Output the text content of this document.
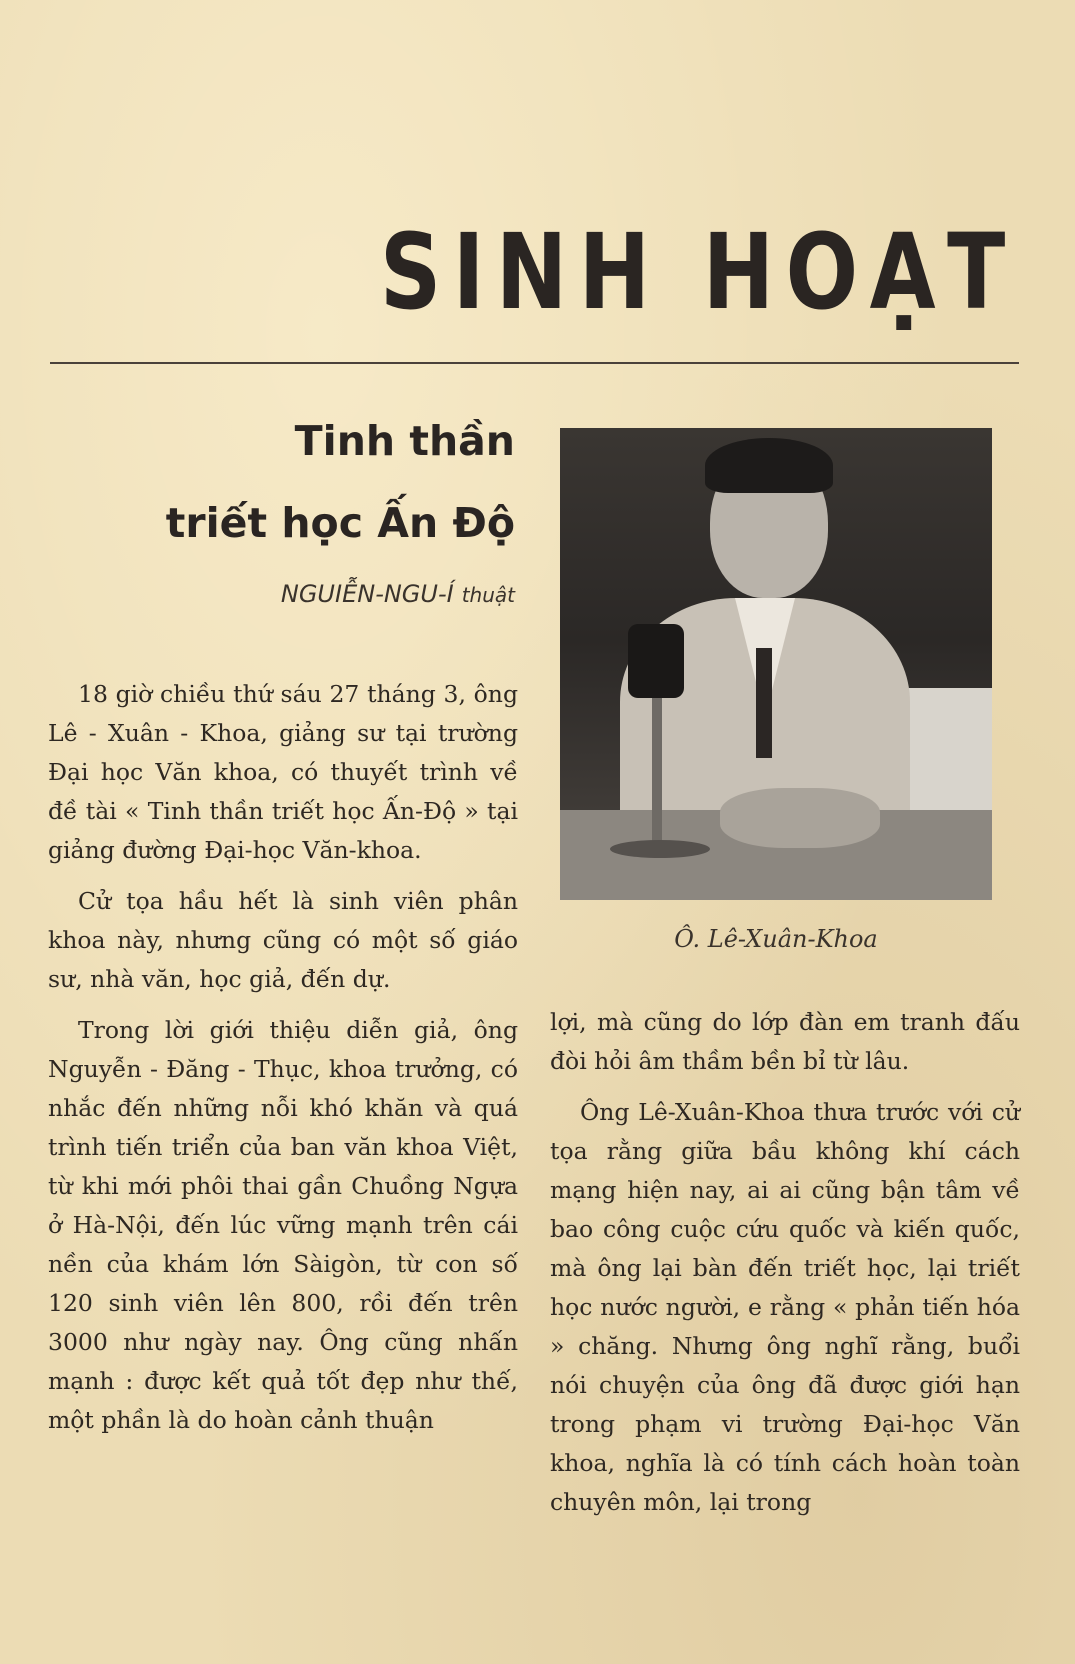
SINH HOẠT
Tinh thần
triết học Ấn Độ
NGUIỄN-NGU-Í thuật
Ô. Lê-Xuân-Khoa

18 giờ chiều thứ sáu 27 tháng 3, ông Lê - Xuân - Khoa, giảng sư tại trường Đại học Văn khoa, có thuyết trình về đề tài « Tinh thần triết học Ấn-Độ » tại giảng đường Đại-học Văn-khoa.

Cử tọa hầu hết là sinh viên phân khoa này, nhưng cũng có một số giáo sư, nhà văn, học giả, đến dự.

Trong lời giới thiệu diễn giả, ông Nguyễn - Đăng - Thục, khoa trưởng, có nhắc đến những nỗi khó khăn và quá trình tiến triển của ban văn khoa Việt, từ khi mới phôi thai gần Chuồng Ngựa ở Hà-Nội, đến lúc vững mạnh trên cái nền của khám lớn Sàigòn, từ con số 120 sinh viên lên 800, rồi đến trên 3000 như ngày nay. Ông cũng nhấn mạnh : được kết quả tốt đẹp như thế, một phần là do hoàn cảnh thuận

lợi, mà cũng do lớp đàn em tranh đấu đòi hỏi âm thầm bền bỉ từ lâu.

Ông Lê-Xuân-Khoa thưa trước với cử tọa rằng giữa bầu không khí cách mạng hiện nay, ai ai cũng bận tâm về bao công cuộc cứu quốc và kiến quốc, mà ông lại bàn đến triết học, lại triết học nước người, e rằng « phản tiến hóa » chăng. Nhưng ông nghĩ rằng, buổi nói chuyện của ông đã được giới hạn trong phạm vi trường Đại-học Văn khoa, nghĩa là có tính cách hoàn toàn chuyên môn, lại trong
